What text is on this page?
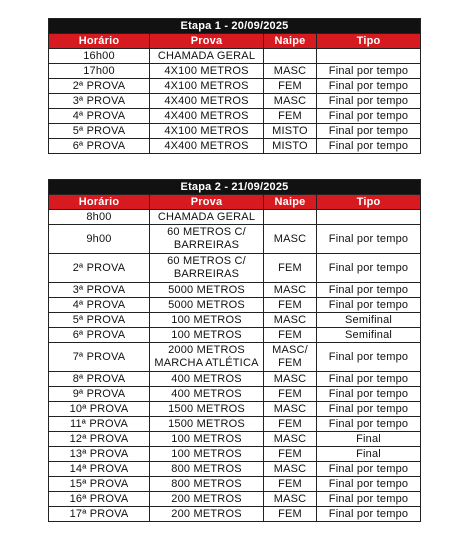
Etapa 1 - 20/09/2025			
Horário	Prova	Naipe	Tipo
16h00	CHAMADA GERAL		
17h00	4X100 METROS	MASC	Final por tempo
2ª PROVA	4X100 METROS	FEM	Final por tempo
3ª PROVA	4X400 METROS	MASC	Final por tempo
4ª PROVA	4X400 METROS	FEM	Final por tempo
5ª PROVA	4X100 METROS	MISTO	Final por tempo
6ª PROVA	4X400 METROS	MISTO	Final por tempo
Etapa 2 - 21/09/2025			
Horário	Prova	Naipe	Tipo
8h00	CHAMADA GERAL		
9h00	60 METROS C/ BARREIRAS	MASC	Final por tempo
2ª PROVA	60 METROS C/ BARREIRAS	FEM	Final por tempo
3ª PROVA	5000 METROS	MASC	Final por tempo
4ª PROVA	5000 METROS	FEM	Final por tempo
5ª PROVA	100 METROS	MASC	Semifinal
6ª PROVA	100 METROS	FEM	Semifinal
7ª PROVA	2000 METROS MARCHA ATLÉTICA	MASC/ FEM	Final por tempo
8ª PROVA	400 METROS	MASC	Final por tempo
9ª PROVA	400 METROS	FEM	Final por tempo
10ª PROVA	1500 METROS	MASC	Final por tempo
11ª PROVA	1500 METROS	FEM	Final por tempo
12ª PROVA	100 METROS	MASC	Final
13ª PROVA	100 METROS	FEM	Final
14ª PROVA	800 METROS	MASC	Final por tempo
15ª PROVA	800 METROS	FEM	Final por tempo
16ª PROVA	200 METROS	MASC	Final por tempo
17ª PROVA	200 METROS	FEM	Final por tempo
